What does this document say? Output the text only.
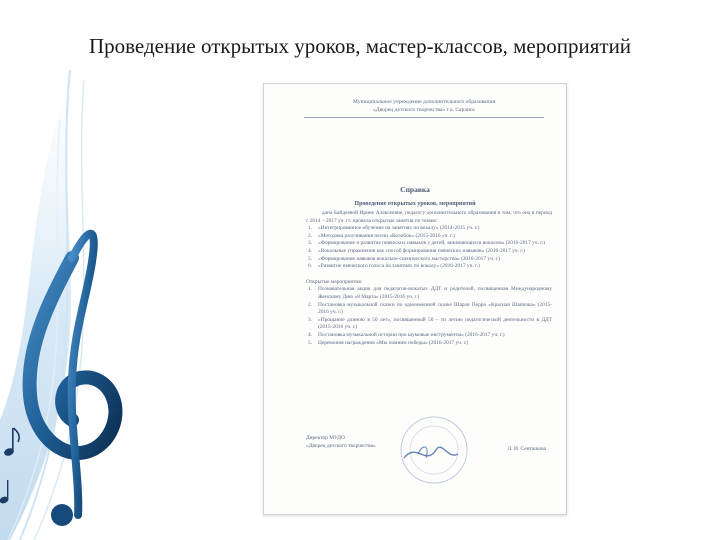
Проведение открытых уроков, мастер-классов, мероприятий
Муниципальное учреждение дополнительного образования
«Дворец детского творчества» г.о. Саранск
Справка
Проведение открытых уроков, мероприятий
дана Байдеевой Ирине Алексеевне, педагогу дополнительного образования в том, что она в период с 2014 – 2017 уч. гг. провела открытые занятия по темам:
1. «Интегрированное обучение на занятиях по вокалу» (2014-2015 уч. г.)
2. «Методика разучивания песни «Колобок» (2015-2016 уч. г.)
3. «Формирование и развитие певческих навыков у детей, занимающихся вокалом» (2016-2017 уч. г.)
4. «Вокальные упражнения как способ формирования певческих навыков» (2016-2017 уч. г.)
5. «Формирование навыков вокально-сценического мастерства» (2016-2017 уч. г.)
6. «Развитие певческого голоса на занятиях по вокалу» (2016-2017 уч. г.)
Открытые мероприятия:
1. Познавательная акция для педагогов-вожатых ДДТ и родителей, посвященная Международному Женскому Дню «8 Марта» (2015-2016 уч. г.)
2. Постановка музыкальной сказки по одноименной сказке Шарля Перро «Красная Шапочка» (2015-2016 уч. г.)
3. «Прощание длиною в 50 лет», посвященный 50 – ти летию педагогической деятельности в ДДТ (2015-2016 уч. г.)
4. Постановка музыкальной истории про шумовые инструменты» (2016-2017 уч. г.)
5. Церемония награждения «Мы помним победы» (2016-2017 уч. г.)
Директор МУДО
«Дворец детского творчества»
Л. И. Сенташова
